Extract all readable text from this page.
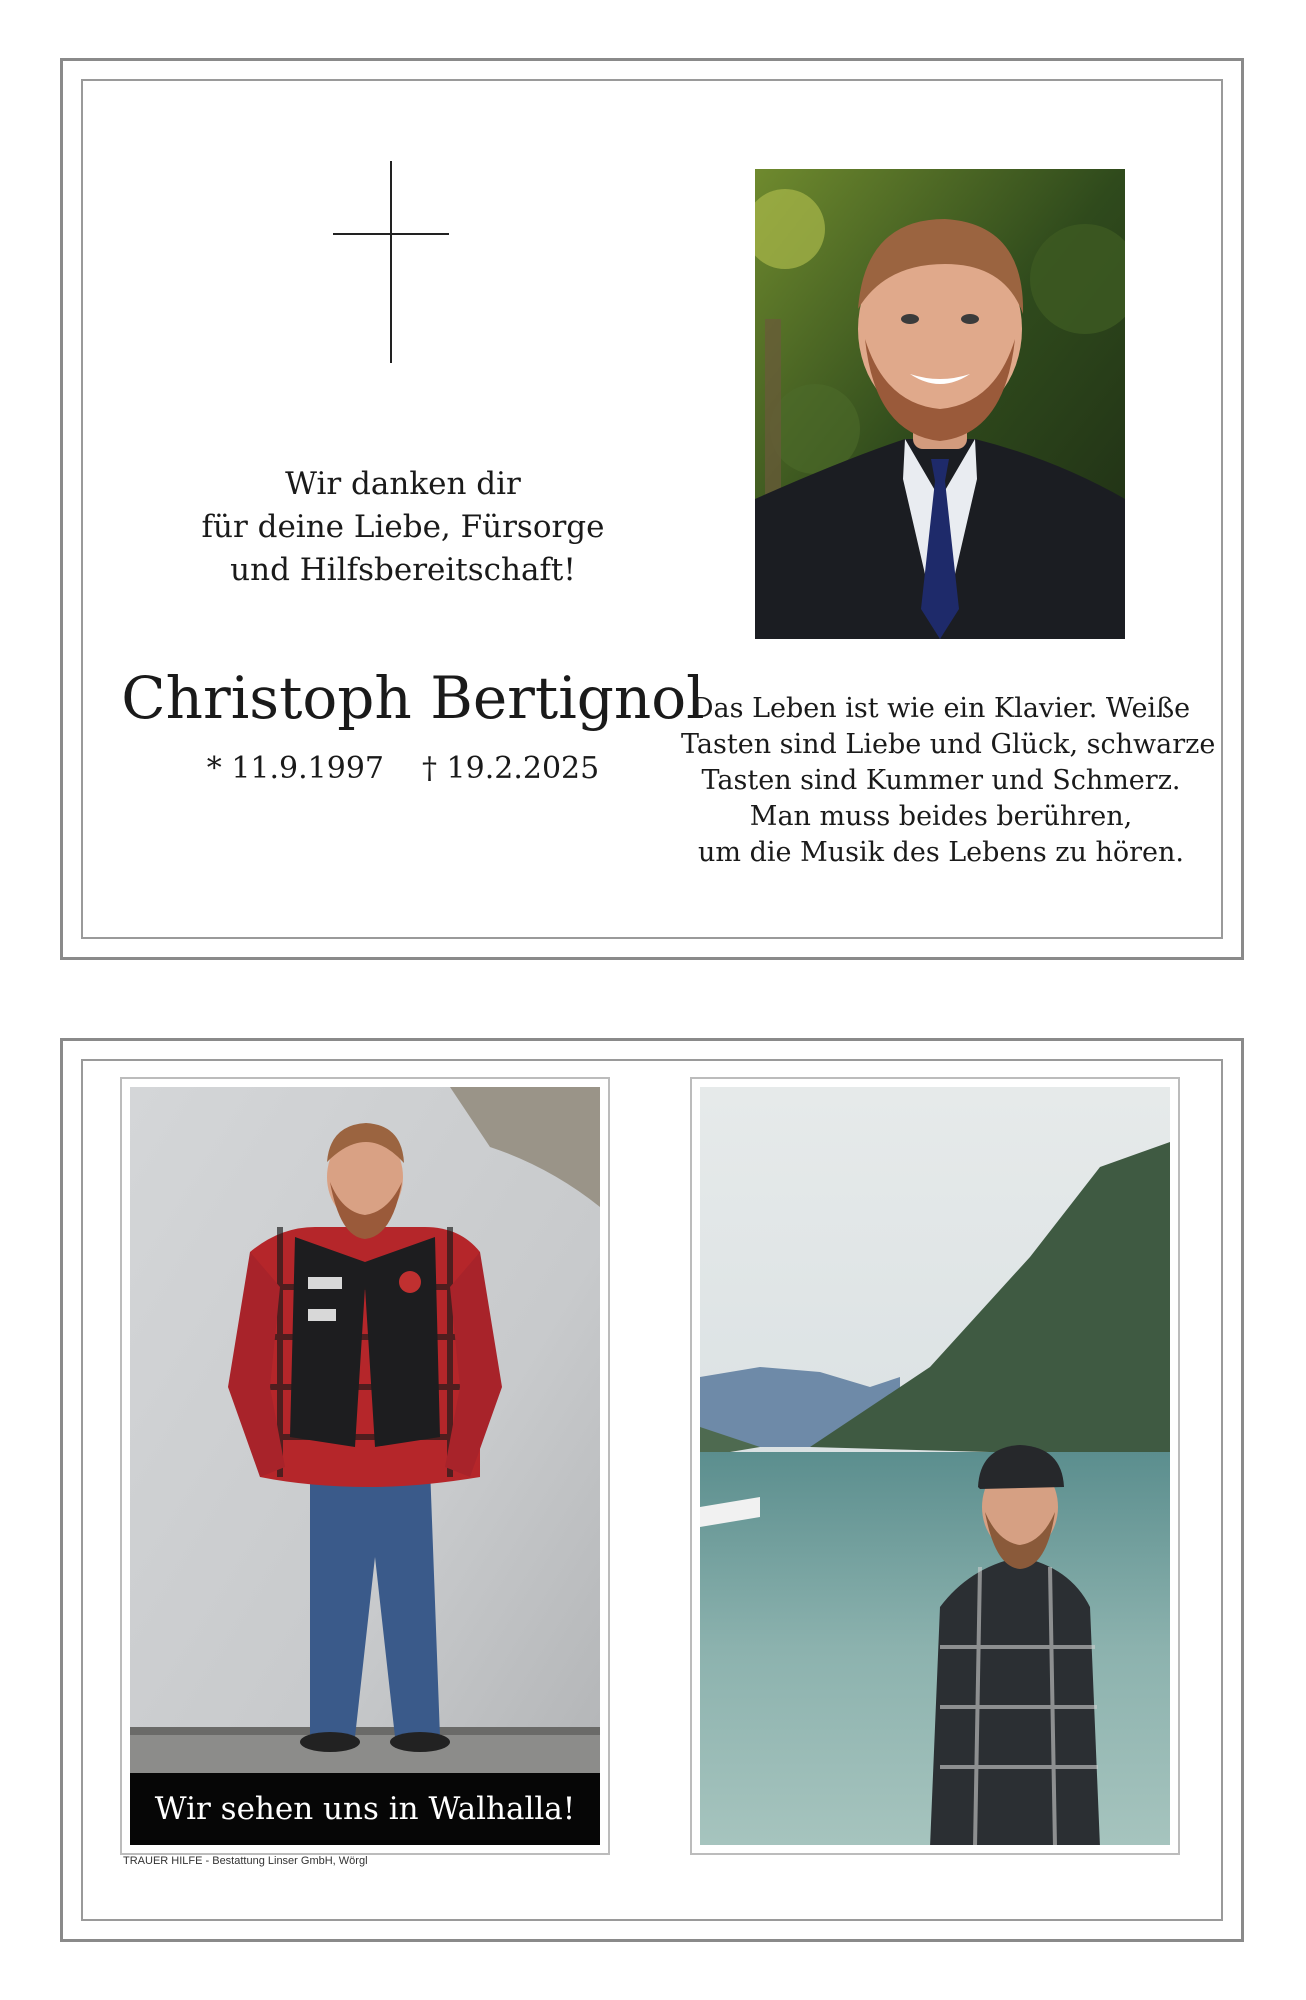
Wir danken dir
für deine Liebe, Fürsorge
und Hilfsbereitschaft!
Christoph Bertignol
* 11.9.1997 † 19.2.2025
Das Leben ist wie ein Klavier. Weiße
Tasten sind Liebe und Glück, schwarze
Tasten sind Kummer und Schmerz.
Man muss beides berühren,
um die Musik des Lebens zu hören.
Wir sehen uns in Walhalla!
TRAUER HILFE - Bestattung Linser GmbH, Wörgl
